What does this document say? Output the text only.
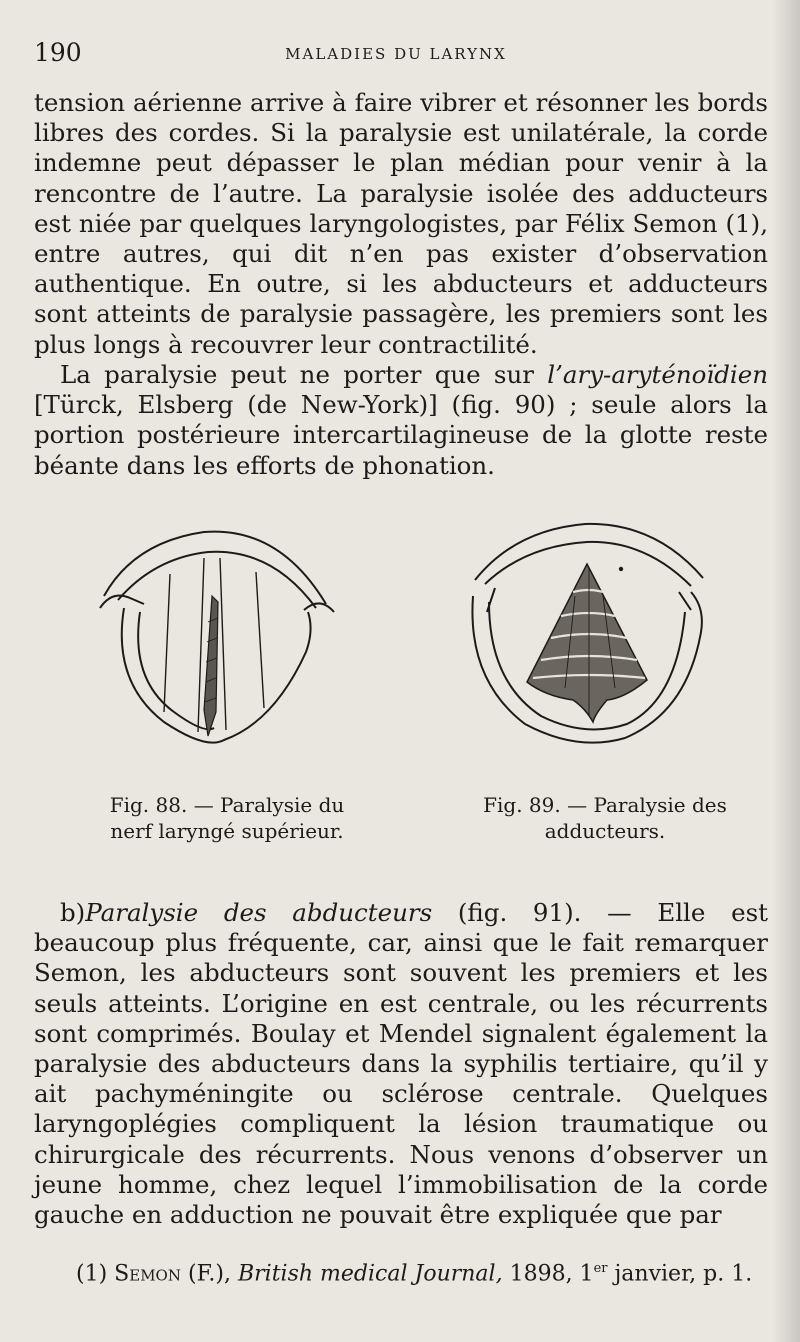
190	MALADIES DU LARYNX

tension aérienne arrive à faire vibrer et résonner les bords libres des cordes. Si la paralysie est unilatérale, la corde indemne peut dépasser le plan médian pour venir à la rencontre de l’autre. La paralysie isolée des adducteurs est niée par quelques laryngologistes, par Félix Semon (1), entre autres, qui dit n’en pas exister d’observation authentique. En outre, si les abducteurs et adducteurs sont atteints de paralysie passagère, les premiers sont les plus longs à recouvrer leur contractilité.

La paralysie peut ne porter que sur l’ary-aryténoïdien [Türck, Elsberg (de New-York)] (fig. 90) ; seule alors la portion postérieure intercartilagineuse de la glotte reste béante dans les efforts de phonation.

Fig. 88. — Paralysie du
nerf laryngé supérieur.
Fig. 89. — Paralysie des
adducteurs.

b)Paralysie des abducteurs (fig. 91). — Elle est beaucoup plus fréquente, car, ainsi que le fait remarquer Semon, les abducteurs sont souvent les premiers et les seuls atteints. L’origine en est centrale, ou les récurrents sont comprimés. Boulay et Mendel signalent également la paralysie des abducteurs dans la syphilis tertiaire, qu’il y ait pachyméningite ou sclérose centrale. Quelques laryngoplégies compliquent la lésion traumatique ou chirurgicale des récurrents. Nous venons d’observer un jeune homme, chez lequel l’immobilisation de la corde gauche en adduction ne pouvait être expliquée que par

(1) Semon (F.), British medical Journal, 1898, 1er janvier, p. 1.
